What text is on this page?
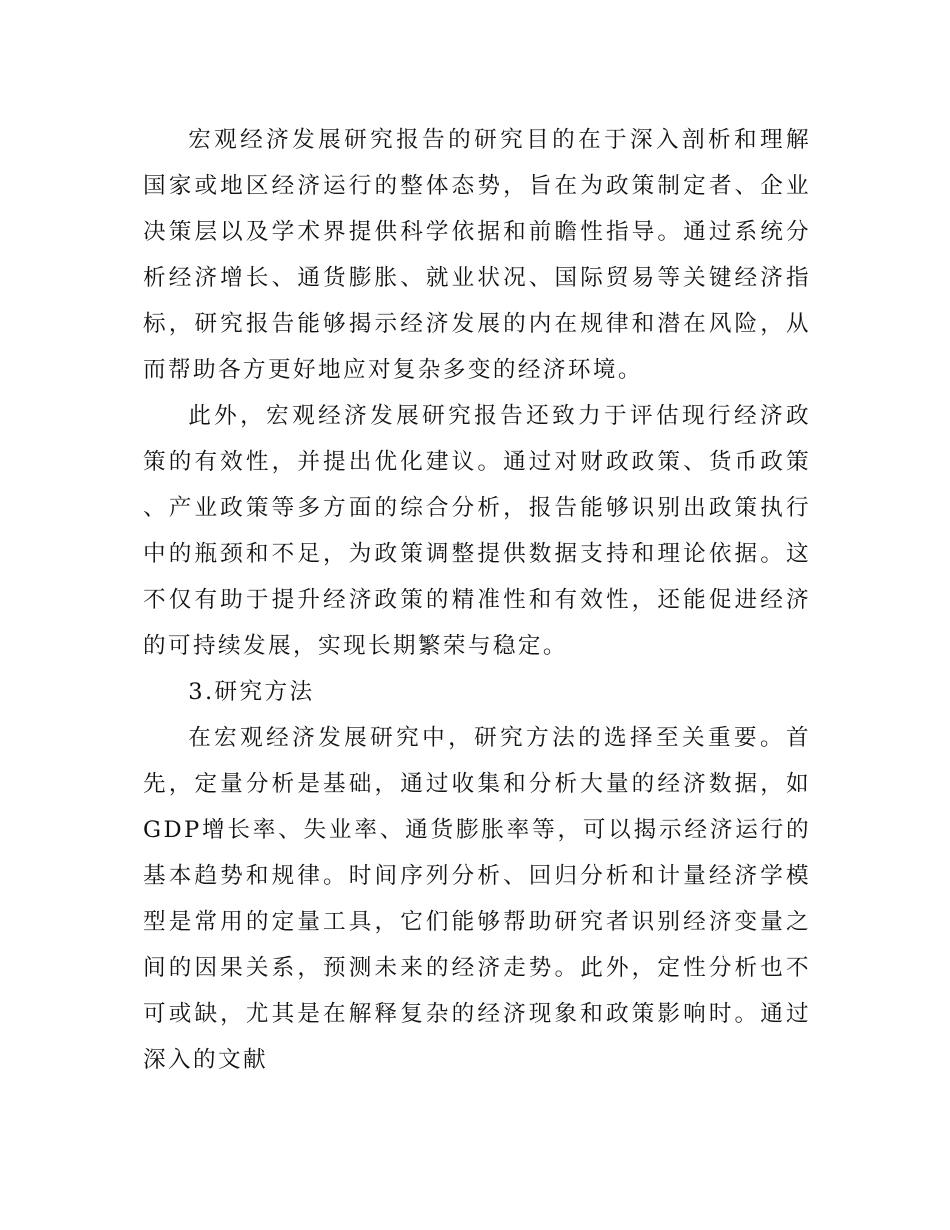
宏观经济发展研究报告的研究目的在于深入剖析和理解国家或地区经济运行的整体态势，旨在为政策制定者、企业决策层以及学术界提供科学依据和前瞻性指导。通过系统分析经济增长、通货膨胀、就业状况、国际贸易等关键经济指标，研究报告能够揭示经济发展的内在规律和潜在风险，从而帮助各方更好地应对复杂多变的经济环境。

此外，宏观经济发展研究报告还致力于评估现行经济政策的有效性，并提出优化建议。通过对财政政策、货币政策、产业政策等多方面的综合分析，报告能够识别出政策执行中的瓶颈和不足，为政策调整提供数据支持和理论依据。这不仅有助于提升经济政策的精准性和有效性，还能促进经济的可持续发展，实现长期繁荣与稳定。

3.研究方法

在宏观经济发展研究中，研究方法的选择至关重要。首先，定量分析是基础，通过收集和分析大量的经济数据，如GDP增长率、失业率、通货膨胀率等，可以揭示经济运行的基本趋势和规律。时间序列分析、回归分析和计量经济学模型是常用的定量工具，它们能够帮助研究者识别经济变量之间的因果关系，预测未来的经济走势。此外，定性分析也不可或缺，尤其是在解释复杂的经济现象和政策影响时。通过深入的文献
